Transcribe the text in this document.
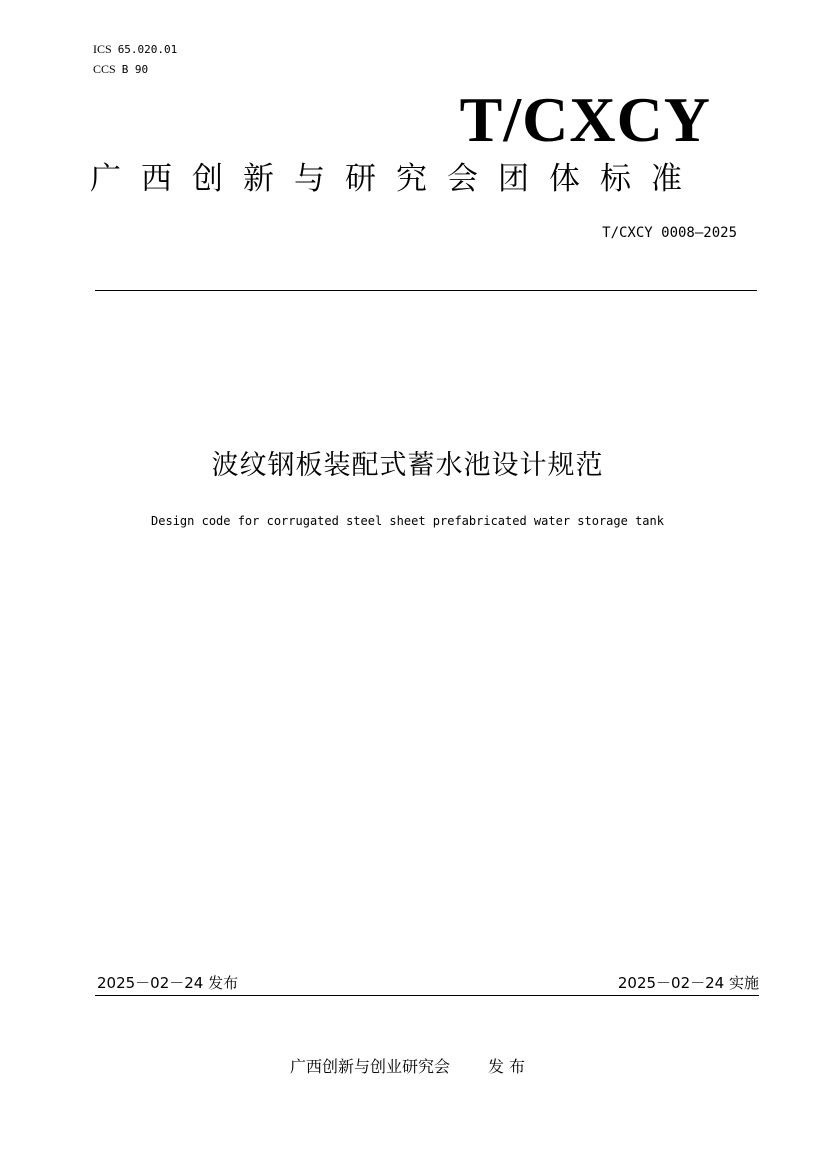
ICS 65.020.01
CCS B 90
T/CXCY
广西创新与研究会团体标准
T/CXCY 0008—2025
波纹钢板装配式蓄水池设计规范
Design code for corrugated steel sheet prefabricated water storage tank
2025－02－24 发布	2025－02－24 实施
广西创新与创业研究会 发 布
